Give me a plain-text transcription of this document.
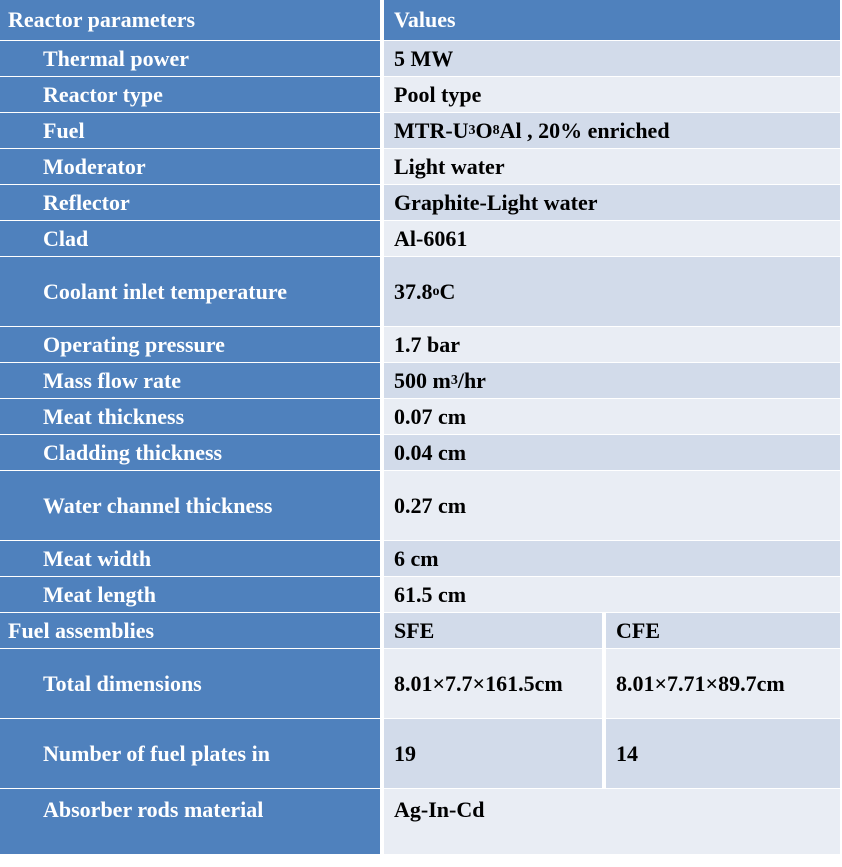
Reactor parameters	Values
Thermal power	5 MW
Reactor type	Pool type
Fuel	MTR-U 3 O 8 Al , 20% enriched
Moderator	Light water
Reflector	Graphite-Light water
Clad	Al-6061
Coolant inlet temperature	37.8 o C
Operating pressure	1.7 bar
Mass flow rate	500 m 3 /hr
Meat thickness	0.07 cm
Cladding thickness	0.04 cm
Water channel thickness	0.27 cm
Meat width	6 cm
Meat length	61.5 cm
Fuel assemblies	SFE	CFE
Total dimensions	8.01×7.7×161.5cm	8.01×7.71×89.7cm
Number of fuel plates in	19	14
Absorber rods material	Ag-In-Cd
